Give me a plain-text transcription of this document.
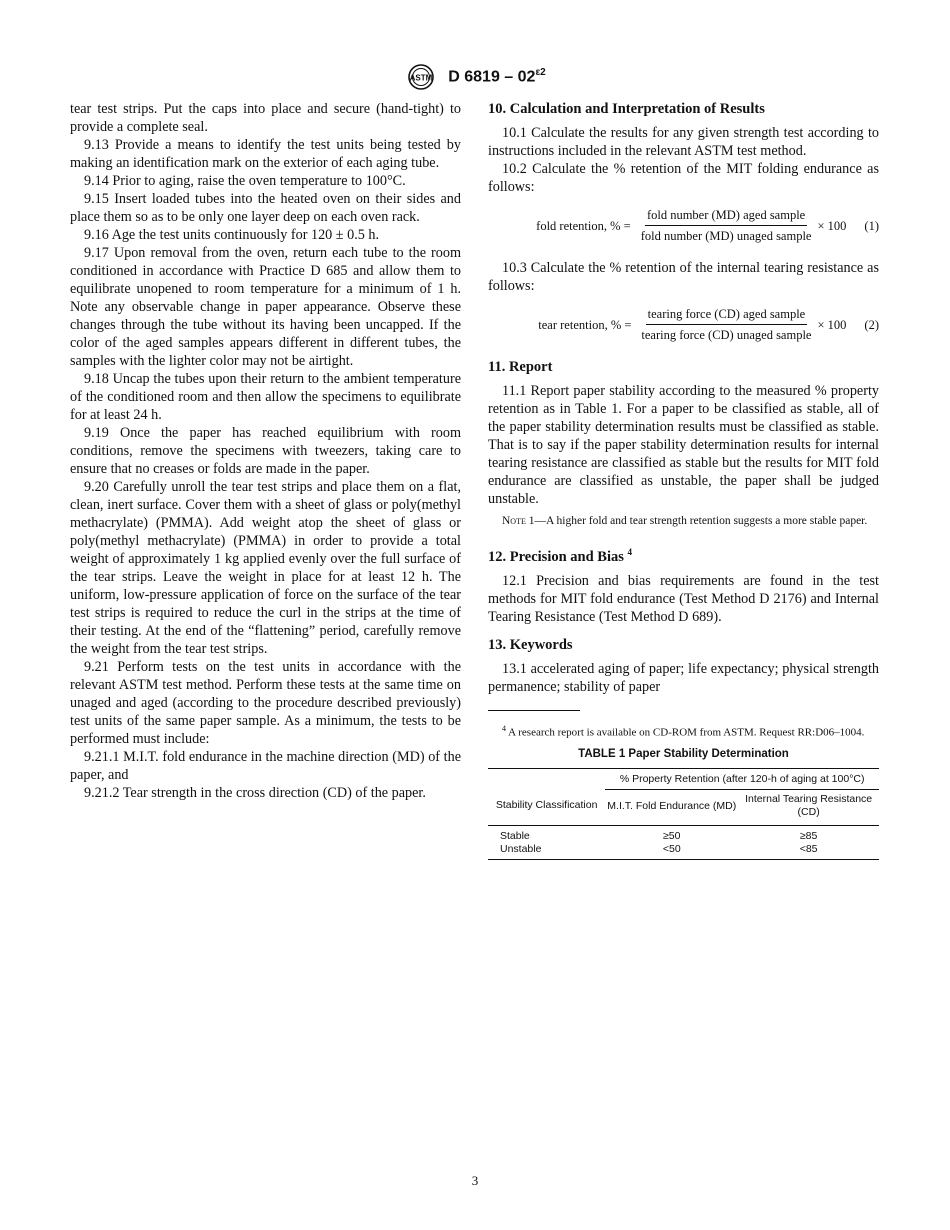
ASTM D $6819 - 02^{\varepsilon 2}$

tear test strips. Put the caps into place and secure (hand-tight) to provide a complete seal.

9.13 Provide a means to identify the test units being tested by making an identification mark on the exterior of each aging tube.

9.14 Prior to aging, raise the oven temperature to 100°C.

9.15 Insert loaded tubes into the heated oven on their sides and place them so as to be only one layer deep on each oven rack.

9.16 Age the test units continuously for 120 ± 0.5 h.

9.17 Upon removal from the oven, return each tube to the room conditioned in accordance with Practice D 685 and allow them to equilibrate unopened to room temperature for a minimum of 1 h. Note any observable change in paper appearance. Observe these changes through the tube without its having been uncapped. If the color of the aged samples appears different in different tubes, the samples with the lighter color may not be airtight.

9.18 Uncap the tubes upon their return to the ambient temperature of the conditioned room and then allow the specimens to equilibrate for at least 24 h.

9.19 Once the paper has reached equilibrium with room conditions, remove the specimens with tweezers, taking care to ensure that no creases or folds are made in the paper.

9.20 Carefully unroll the tear test strips and place them on a flat, clean, inert surface. Cover them with a sheet of glass or poly(methyl methacrylate) (PMMA). Add weight atop the sheet of glass or poly(methyl methacrylate) (PMMA) in order to provide a total weight of approximately 1 kg applied evenly over the full surface of the tear strips. Leave the weight in place for at least 12 h. The uniform, low-pressure application of force on the surface of the tear test strips is required to reduce the curl in the strips at the time of their testing. At the end of the “flattening” period, carefully remove the weight from the tear test strips.

9.21 Perform tests on the test units in accordance with the relevant ASTM test method. Perform these tests at the same time on unaged and aged (according to the procedure described previously) test units of the same paper sample. As a minimum, the tests to be performed must include:

9.21.1 M.I.T. fold endurance in the machine direction (MD) of the paper, and

9.21.2 Tear strength in the cross direction (CD) of the paper.

10. Calculation and Interpretation of Results

10.1 Calculate the results for any given strength test according to instructions included in the relevant ASTM test method.

10.2 Calculate the % retention of the MIT folding endurance as follows:

fold retention, % = $\frac{\text{fold number (MD) aged sample}}{\text{fold number (MD) unaged sample}} \times 100$ (1)

10.3 Calculate the % retention of the internal tearing resistance as follows:

tear retention, % = $\frac{\text{tearing force (CD) aged sample}}{\text{tearing force (CD) unaged sample}} \times 100$ (2)
11. Report

11.1 Report paper stability according to the measured % property retention as in Table 1. For a paper to be classified as stable, all of the paper stability determination results must be classified as stable. That is to say if the paper stability determination results for internal tearing resistance are classified as stable but the results for MIT fold endurance are classified as unstable, the paper shall be judged unstable.

Note 1—A higher fold and tear strength retention suggests a more stable paper.

12. Precision and Bias $^4$

12.1 Precision and bias requirements are found in the test methods for MIT fold endurance (Test Method D 2176) and Internal Tearing Resistance (Test Method D 689).

13. Keywords

13.1 accelerated aging of paper; life expectancy; physical strength permanence; stability of paper

$^4$ A research report is available on CD-ROM from ASTM. Request RR:D06–1004.

TABLE 1 Paper Stability Determination
	% Property Retention (after 120-h of aging at 100°C)	
Stability Classification	M.I.T. Fold Endurance (MD)	Internal Tearing Resistance (CD)
Stable	≥50	≥85
Unstable	<50	<85
3
